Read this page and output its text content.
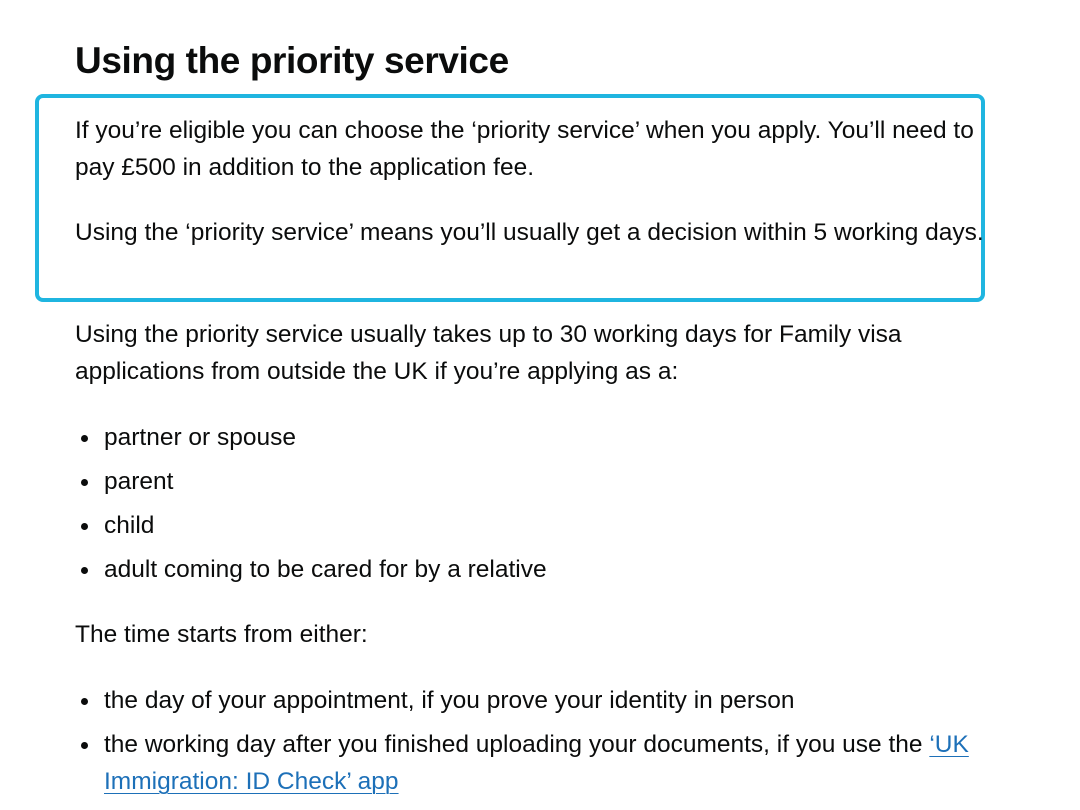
Using the priority service

If you’re eligible you can choose the ‘priority service’ when you apply. You’ll need to pay £500 in addition to the application fee.

Using the ‘priority service’ means you’ll usually get a decision within 5 working days.

Using the priority service usually takes up to 30 working days for Family visa applications from outside the UK if you’re applying as a:

partner or spouse
parent
child
adult coming to be cared for by a relative

The time starts from either:

the day of your appointment, if you prove your identity in person
the working day after you finished uploading your documents, if you use the ‘UK Immigration: ID Check’ app
